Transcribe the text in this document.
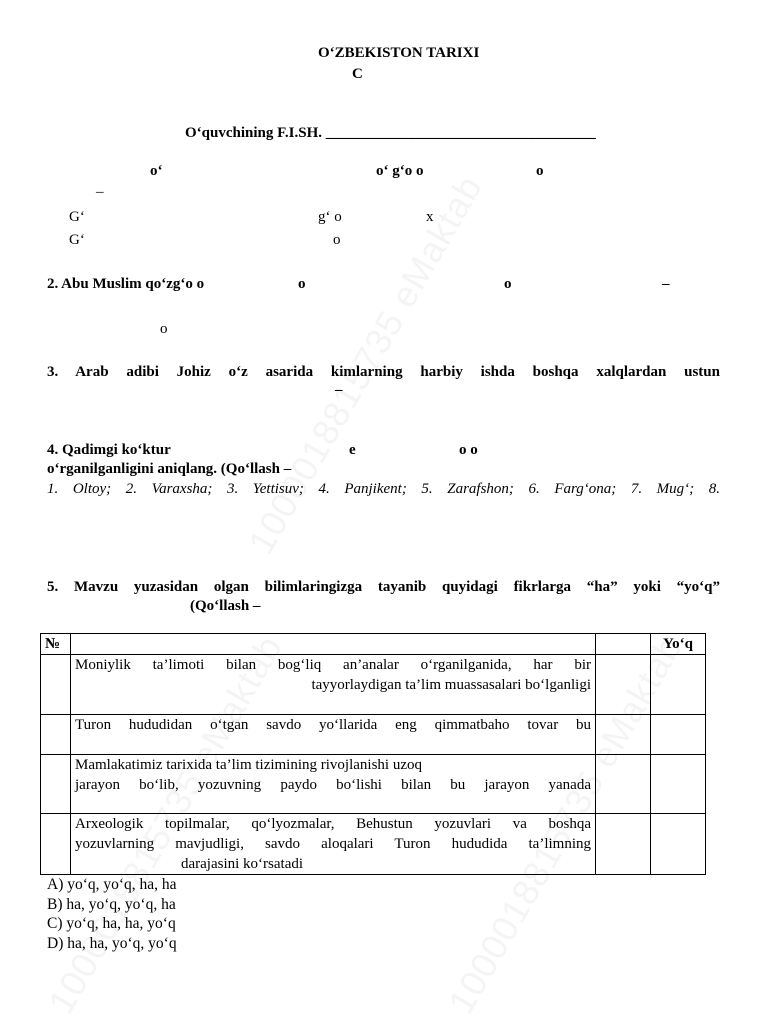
O‘ZBEKISTON TARIXI
C
O‘quvchining F.I.SH. ____________________________________
o‘	o‘ g‘o o	o
–
G‘	g‘ o	x
G‘	o
2. Abu Muslim qo‘zg‘o o	o	o	–
o
3. Arab adibi Johiz o‘z asarida kimlarning harbiy ishda boshqa xalqlardan ustun
–
4. Qadimgi ko‘ktur	e	o o
o‘rganilganligini aniqlang. (Qo‘llash –
1. Oltoy; 2. Varaxsha; 3. Yettisuv; 4. Panjikent; 5. Zarafshon; 6. Farg‘ona; 7. Mug‘; 8.
5. Mavzu yuzasidan olgan bilimlaringizga tayanib quyidagi fikrlarga “ha” yoki “yo‘q”
(Qo‘llash –
№			Yo‘q

	Moniylik ta’limoti bilan bog‘liq an’analar o‘rganilganida, har bir
tayyorlaydigan ta’lim muassasalari bo‘lganligi		

	Turon hududidan o‘tgan savdo yo‘llarida eng qimmatbaho tovar bu		

	Mamlakatimiz tarixida ta’lim tizimining rivojlanishi uzoq
jarayon bo‘lib, yozuvning paydo bo‘lishi bilan bu jarayon yanada		

	Arxeologik topilmalar, qo‘lyozmalar, Behustun yozuvlari va boshqa
yozuvlarning mavjudligi, savdo aloqalari Turon hududida ta’limning
darajasini ko‘rsatadi		

A) yo‘q, yo‘q, ha, ha
B) ha, yo‘q, yo‘q, ha
C) yo‘q, ha, ha, yo‘q
D) ha, ha, yo‘q, yo‘q
